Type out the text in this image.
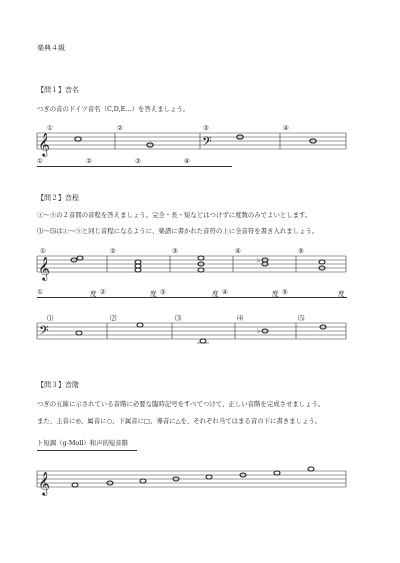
楽典４級
【問１】音名
つぎの音のドイツ音名（C,D,E…）を答えましょう。
①	②	③	④
𝄞	𝄢
①	②	③	④
【問２】音程
①～⑤の２音間の音程を答えましょう。完全・長・短などはつけずに度数のみでよいとします。
⑴～⑸は①～⑤と同じ音程になるように、楽譜に書かれた音符の上に全音符を書き入れましょう。
①	②	③	④	⑤
𝄞	♭
①	度 ②	度 ③	度 ④	度 ⑤	度
⑴	⑵	⑶	⑷	⑸
𝄢	♭
【問３】音階
つぎの五線に示されている音階に必要な臨時記号をすべてつけて、正しい音階を完成させましょう。
また、主音に◎、属音に○、下属音に□、導音に△を、それぞれ当てはまる音の下に書きましょう。
ト短調（g-Moll）和声的短音階
𝄞
